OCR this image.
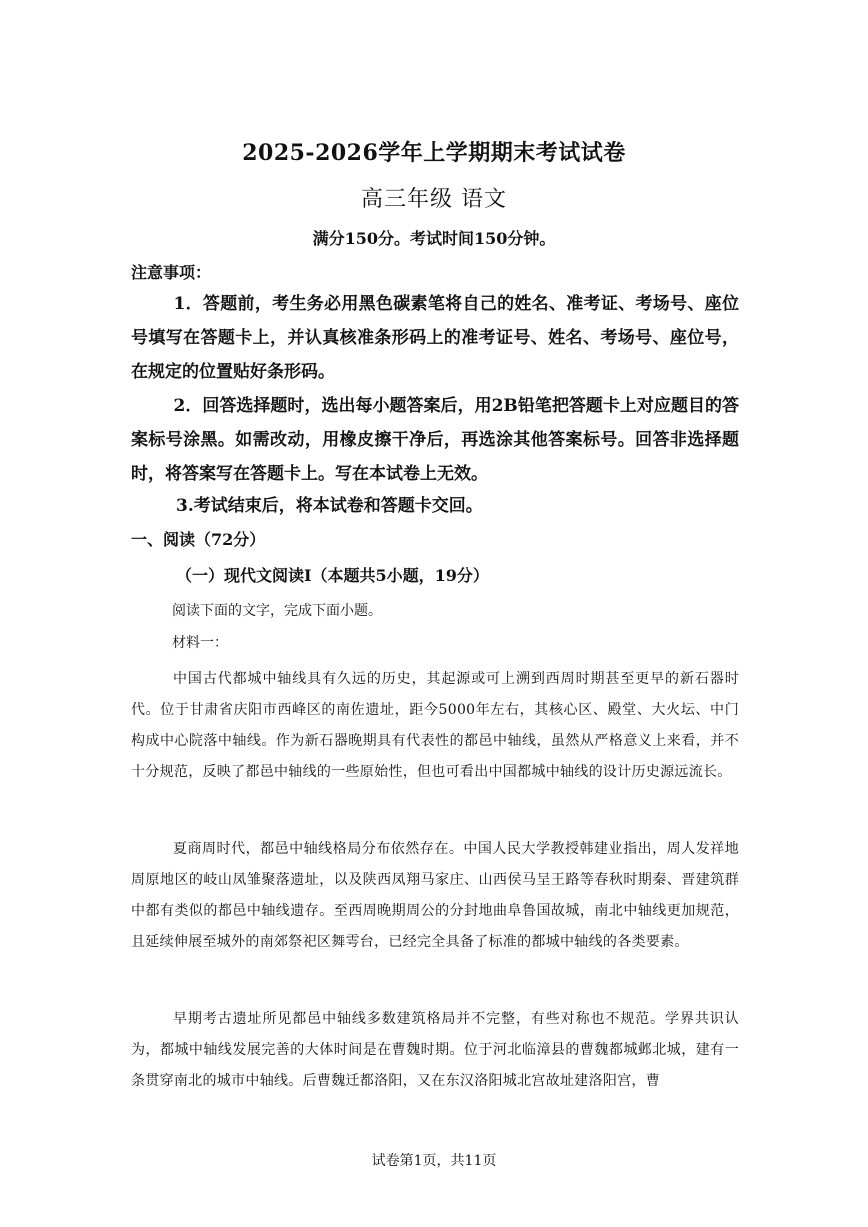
2025-2026学年上学期期末考试试卷
高三年级 语文
满分150分。考试时间150分钟。
注意事项：

1．答题前，考生务必用黑色碳素笔将自己的姓名、准考证、考场号、座位号填写在答题卡上，并认真核准条形码上的准考证号、姓名、考场号、座位号，在规定的位置贴好条形码。

2．回答选择题时，选出每小题答案后，用2B铅笔把答题卡上对应题目的答案标号涂黑。如需改动，用橡皮擦干净后，再选涂其他答案标号。回答非选择题时，将答案写在答题卡上。写在本试卷上无效。

3.考试结束后，将本试卷和答题卡交回。
一、阅读（72分）
（一）现代文阅读Ⅰ（本题共5小题，19分）
阅读下面的文字，完成下面小题。
材料一：

中国古代都城中轴线具有久远的历史，其起源或可上溯到西周时期甚至更早的新石器时代。位于甘肃省庆阳市西峰区的南佐遗址，距今5000年左右，其核心区、殿堂、大火坛、中门构成中心院落中轴线。作为新石器晚期具有代表性的都邑中轴线，虽然从严格意义上来看，并不十分规范，反映了都邑中轴线的一些原始性，但也可看出中国都城中轴线的设计历史源远流长。

夏商周时代，都邑中轴线格局分布依然存在。中国人民大学教授韩建业指出，周人发祥地周原地区的岐山凤雏聚落遗址，以及陕西凤翔马家庄、山西侯马呈王路等春秋时期秦、晋建筑群中都有类似的都邑中轴线遗存。至西周晚期周公的分封地曲阜鲁国故城，南北中轴线更加规范，且延续伸展至城外的南郊祭祀区舞雩台，已经完全具备了标准的都城中轴线的各类要素。

早期考古遗址所见都邑中轴线多数建筑格局并不完整，有些对称也不规范。学界共识认为，都城中轴线发展完善的大体时间是在曹魏时期。位于河北临漳县的曹魏都城邺北城，建有一条贯穿南北的城市中轴线。后曹魏迁都洛阳，又在东汉洛阳城北宫故址建洛阳宫，曹

试卷第1页，共11页
